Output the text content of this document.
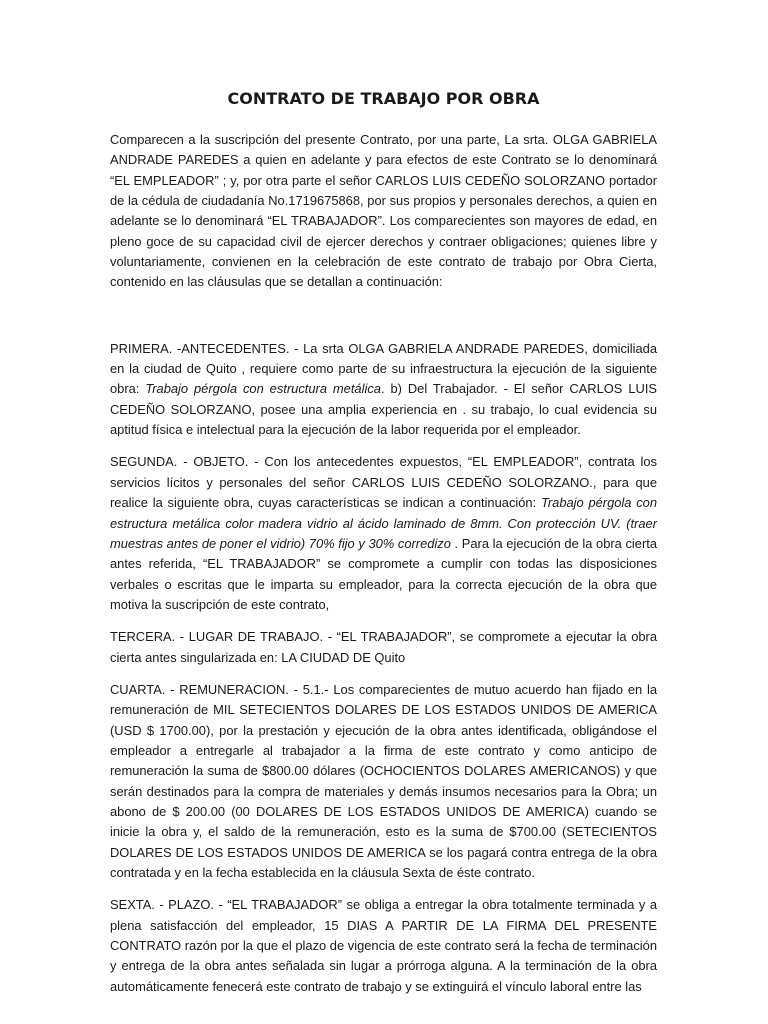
CONTRATO DE TRABAJO POR OBRA

Comparecen a la suscripción del presente Contrato, por una parte, La srta. OLGA GABRIELA ANDRADE PAREDES a quien en adelante y para efectos de este Contrato se lo denominará “EL EMPLEADOR” ; y, por otra parte el señor CARLOS LUIS CEDEÑO SOLORZANO portador de la cédula de ciudadanía No.1719675868, por sus propios y personales derechos, a quien en adelante se lo denominará “EL TRABAJADOR”. Los comparecientes son mayores de edad, en pleno goce de su capacidad civil de ejercer derechos y contraer obligaciones; quienes libre y voluntariamente, convienen en la celebración de este contrato de trabajo por Obra Cierta, contenido en las cláusulas que se detallan a continuación:

PRIMERA. -ANTECEDENTES. - La srta OLGA GABRIELA ANDRADE PAREDES, domiciliada en la ciudad de Quito , requiere como parte de su infraestructura la ejecución de la siguiente obra: Trabajo pérgola con estructura metálica. b) Del Trabajador. - El señor CARLOS LUIS CEDEÑO SOLORZANO, posee una amplia experiencia en . su trabajo, lo cual evidencia su aptitud física e intelectual para la ejecución de la labor requerida por el empleador.

SEGUNDA. - OBJETO. - Con los antecedentes expuestos, “EL EMPLEADOR”, contrata los servicios lícitos y personales del señor CARLOS LUIS CEDEÑO SOLORZANO., para que realice la siguiente obra, cuyas características se indican a continuación: Trabajo pérgola con estructura metálica color madera vidrio al ácido laminado de 8mm. Con protección UV. (traer muestras antes de poner el vidrio) 70% fijo y 30% corredizo . Para la ejecución de la obra cierta antes referida, “EL TRABAJADOR” se compromete a cumplir con todas las disposiciones verbales o escritas que le imparta su empleador, para la correcta ejecución de la obra que motiva la suscripción de este contrato,

TERCERA. - LUGAR DE TRABAJO. - “EL TRABAJADOR”, se compromete a ejecutar la obra cierta antes singularizada en: LA CIUDAD DE Quito

CUARTA. - REMUNERACION. - 5.1.- Los comparecientes de mutuo acuerdo han fijado en la remuneración de MIL SETECIENTOS DOLARES DE LOS ESTADOS UNIDOS DE AMERICA (USD $ 1700.00), por la prestación y ejecución de la obra antes identificada, obligándose el empleador a entregarle al trabajador a la firma de este contrato y como anticipo de remuneración la suma de $800.00 dólares (OCHOCIENTOS DOLARES AMERICANOS) y que serán destinados para la compra de materiales y demás insumos necesarios para la Obra; un abono de $ 200.00 (00 DOLARES DE LOS ESTADOS UNIDOS DE AMERICA) cuando se inicie la obra y, el saldo de la remuneración, esto es la suma de $700.00 (SETECIENTOS DOLARES DE LOS ESTADOS UNIDOS DE AMERICA se los pagará contra entrega de la obra contratada y en la fecha establecida en la cláusula Sexta de éste contrato.

SEXTA. - PLAZO. - “EL TRABAJADOR” se obliga a entregar la obra totalmente terminada y a plena satisfacción del empleador, 15 DIAS A PARTIR DE LA FIRMA DEL PRESENTE CONTRATO razón por la que el plazo de vigencia de este contrato será la fecha de terminación y entrega de la obra antes señalada sin lugar a prórroga alguna. A la terminación de la obra automáticamente fenecerá este contrato de trabajo y se extinguirá el vínculo laboral entre las
